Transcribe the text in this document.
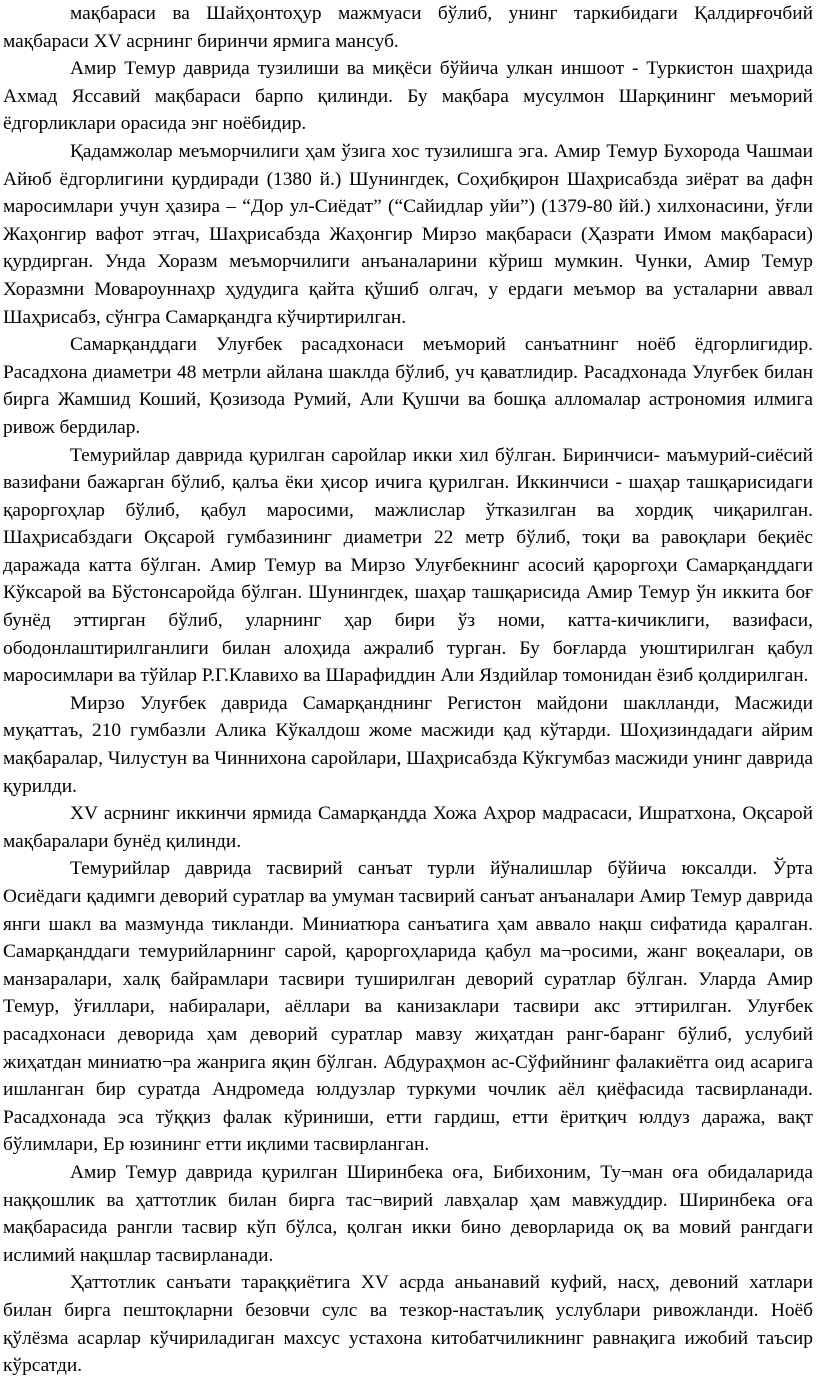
мақбараси ва Шайҳонтоҳур мажмуаси бўлиб, унинг таркибидаги Қалдирғочбий мақбараси XV асрнинг биринчи ярмига мансуб.

Амир Темур даврида тузилиши ва миқёси бўйича улкан иншоот - Туркистон шаҳрида Ахмад Яссавий мақбараси барпо қилинди. Бу мақбара мусулмон Шарқининг меъморий ёдгорликлари орасида энг ноёбидир.

Қадамжолар меъморчилиги ҳам ўзига хос тузилишга эга. Амир Темур Бухорода Чашмаи Айюб ёдгорлигини қурдиради (1380 й.) Шунингдек, Соҳибқирон Шаҳрисабзда зиёрат ва дафн маросимлари учун ҳазира – “Дор ул-Сиёдат” (“Сайидлар уйи”) (1379-80 йй.) хилхонасини, ўғли Жаҳонгир вафот этгач, Шаҳрисабзда Жаҳонгир Мирзо мақбараси (Ҳазрати Имом мақбараси) қурдирган. Унда Хоразм меъморчилиги анъаналарини кўриш мумкин. Чунки, Амир Темур Хоразмни Мовароуннаҳр ҳудудига қайта қўшиб олгач, у ердаги меъмор ва усталарни аввал Шаҳрисабз, сўнгра Самарқандга кўчиртирилган.

Самарқанддаги Улуғбек расадхонаси меъморий санъатнинг ноёб ёдгорлигидир. Расадхона диаметри 48 метрли айлана шаклда бўлиб, уч қаватлидир. Расадхонада Улуғбек билан бирга Жамшид Коший, Қозизода Румий, Али Қушчи ва бошқа алломалар астрономия илмига ривож бердилар.

Темурийлар даврида қурилган саройлар икки хил бўлган. Биринчиси- маъмурий-сиёсий вазифани бажарган бўлиб, қалъа ёки ҳисор ичига қурилган. Иккинчиси - шаҳар ташқарисидаги қароргоҳлар бўлиб, қабул маросими, мажлислар ўтказилган ва хордиқ чиқарилган. Шаҳрисабздаги Оқсарой гумбазининг диаметри 22 метр бўлиб, тоқи ва равоқлари беқиёс даражада катта бўлган. Амир Темур ва Мирзо Улуғбекнинг асосий қароргоҳи Самарқанддаги Кўксарой ва Бўстонсаройда бўлган. Шунингдек, шаҳар ташқарисида Амир Темур ўн иккита боғ бунёд эттирган бўлиб, уларнинг ҳар бири ўз номи, катта-кичиклиги, вазифаси, ободонлаштирилганлиги билан алоҳида ажралиб турган. Бу боғларда уюштирилган қабул маросимлари ва тўйлар Р.Г.Клавихо ва Шарафиддин Али Яздийлар томонидан ёзиб қолдирилган.

Мирзо Улуғбек даврида Самарқанднинг Регистон майдони шаклланди, Масжиди муқаттаъ, 210 гумбазли Алика Кўкалдош жоме масжиди қад кўтарди. Шоҳизиндадаги айрим мақбаралар, Чилустун ва Чиннихона саройлари, Шаҳрисабзда Кўкгумбаз масжиди унинг даврида қурилди.

XV асрнинг иккинчи ярмида Самарқандда Хожа Аҳрор мадрасаси, Ишратхона, Оқсарой мақбаралари бунёд қилинди.

Темурийлар даврида тасвирий санъат турли йўналишлар бўйича юксалди. Ўрта Осиёдаги қадимги деворий суратлар ва умуман тасвирий санъат анъаналари Амир Темур даврида янги шакл ва мазмунда тикланди. Миниатюра санъатига ҳам аввало нақш сифатида қаралган. Самарқанддаги темурийларнинг сарой, қароргоҳларида қабул ма¬росими, жанг воқеалари, ов манзаралари, халқ байрамлари тасвири туширилган деворий суратлар бўлган. Уларда Амир Темур, ўғиллари, набиралари, аёллари ва канизаклари тасвири акс эттирилган. Улуғбек расадхонаси деворида ҳам деворий суратлар мавзу жиҳатдан ранг-баранг бўлиб, услубий жиҳатдан миниатю¬ра жанрига яқин бўлган. Абдураҳмон ас-Сўфийнинг фалакиётга оид асарига ишланган бир суратда Андромеда юлдузлар туркуми чочлик аёл қиёфасида тасвирланади. Расадхонада эса тўққиз фалак кўриниши, етти гардиш, етти ёритқич юлдуз даража, вақт бўлимлари, Ер юзининг етти иқлими тасвирланган.

Амир Темур даврида қурилган Ширинбека оға, Бибихоним, Ту¬ман оға обидаларида наққошлик ва ҳаттотлик билан бирга тас¬вирий лавҳалар ҳам мавжуддир. Ширинбека оға мақбарасида рангли тасвир кўп бўлса, қолган икки бино деворларида оқ ва мовий рангдаги ислимий нақшлар тасвирланади.

Ҳаттотлик санъати тараққиётига XV асрда аньанавий куфий, насҳ, девоний хатлари билан бирга пештоқларни безовчи сулс ва тезкор-настаълиқ услублари ривожланди. Ноёб қўлёзма асарлар кўчириладиган махсус устахона китобатчиликнинг равнақига ижобий таъсир кўрсатди.
